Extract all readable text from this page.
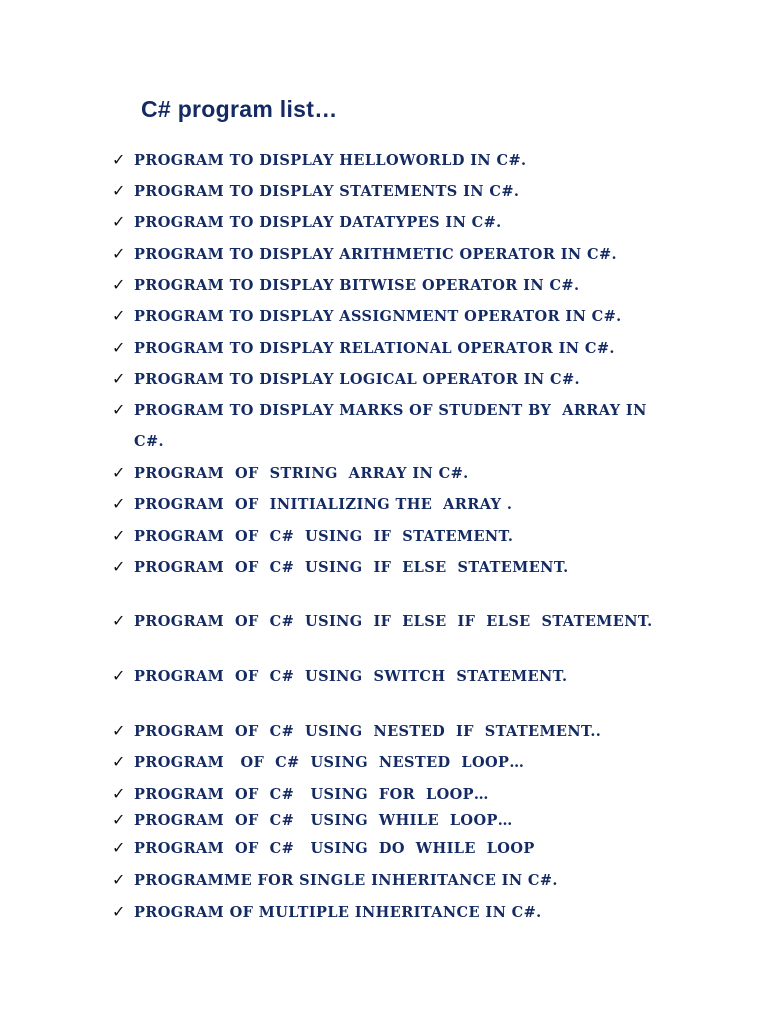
C# program list…
✓ PROGRAM TO DISPLAY HELLOWORLD IN C#.
✓ PROGRAM TO DISPLAY STATEMENTS IN C#.
✓ PROGRAM TO DISPLAY DATATYPES IN C#.
✓ PROGRAM TO DISPLAY ARITHMETIC OPERATOR IN C#.
✓ PROGRAM TO DISPLAY BITWISE OPERATOR IN C#.
✓ PROGRAM TO DISPLAY ASSIGNMENT OPERATOR IN C#.
✓ PROGRAM TO DISPLAY RELATIONAL OPERATOR IN C#.
✓ PROGRAM TO DISPLAY LOGICAL OPERATOR IN C#.
✓ PROGRAM TO DISPLAY MARKS OF STUDENT BY  ARRAY IN
C#.
✓ PROGRAM  OF  STRING  ARRAY IN C#.
✓ PROGRAM  OF  INITIALIZING THE  ARRAY .
✓ PROGRAM  OF  C#  USING  IF  STATEMENT.
✓ PROGRAM  OF  C#  USING  IF  ELSE  STATEMENT.
✓ PROGRAM  OF  C#  USING  IF  ELSE  IF  ELSE  STATEMENT.
✓ PROGRAM  OF  C#  USING  SWITCH  STATEMENT.
✓ PROGRAM  OF  C#  USING  NESTED  IF  STATEMENT..
✓ PROGRAM   OF  C#  USING  NESTED  LOOP…
✓ PROGRAM  OF  C#   USING  FOR  LOOP…
✓ PROGRAM  OF  C#   USING  WHILE  LOOP…
✓ PROGRAM  OF  C#   USING  DO  WHILE  LOOP
✓ PROGRAMME FOR SINGLE INHERITANCE IN C#.
✓ PROGRAM OF MULTIPLE INHERITANCE IN C#.
